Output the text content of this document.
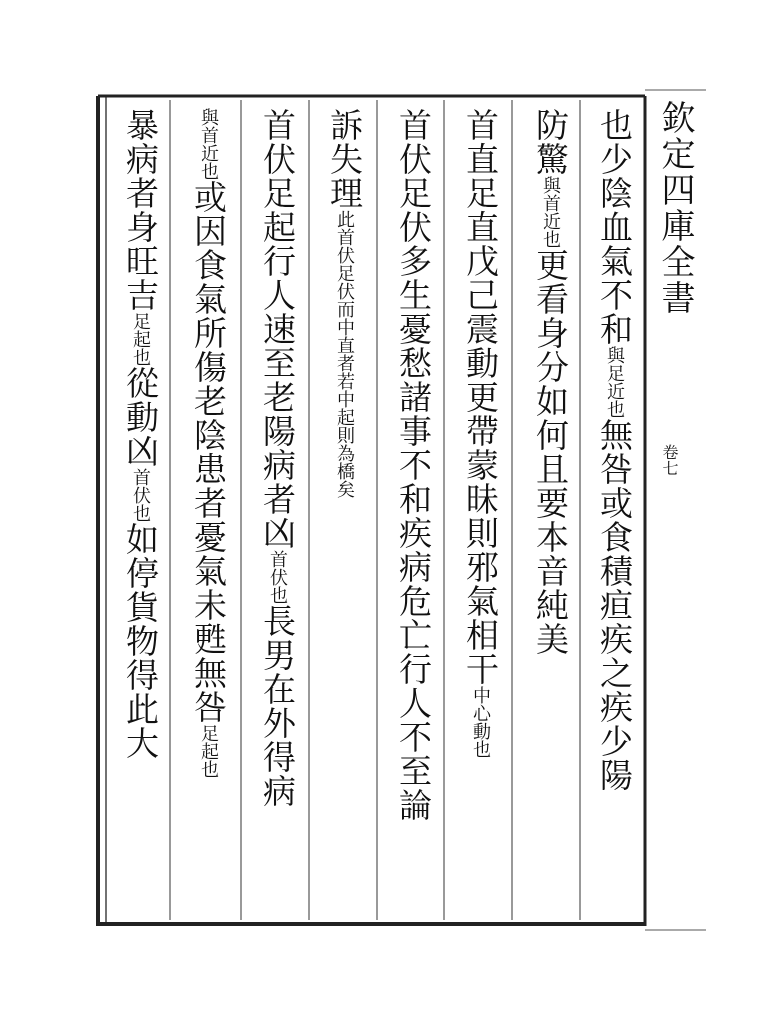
欽定四庫全書
卷七
也少陰血氣不和與足近也無咎或食積疸疾之疾少陽
防驚與首近也更看身分如何且要本音純美
首直足直戊己震動更帶蒙昧則邪氣相干中心動也
首伏足伏多生憂愁諸事不和疾病危亡行人不至論
訴失理此首伏足伏而中直者若中起則為橋矣
首伏足起行人速至老陽病者凶首伏也長男在外得病
與首近也或因食氣所傷老陰患者憂氣未甦無咎足起也
暴病者身旺吉足起也從動凶首伏也如停貨物得此大
